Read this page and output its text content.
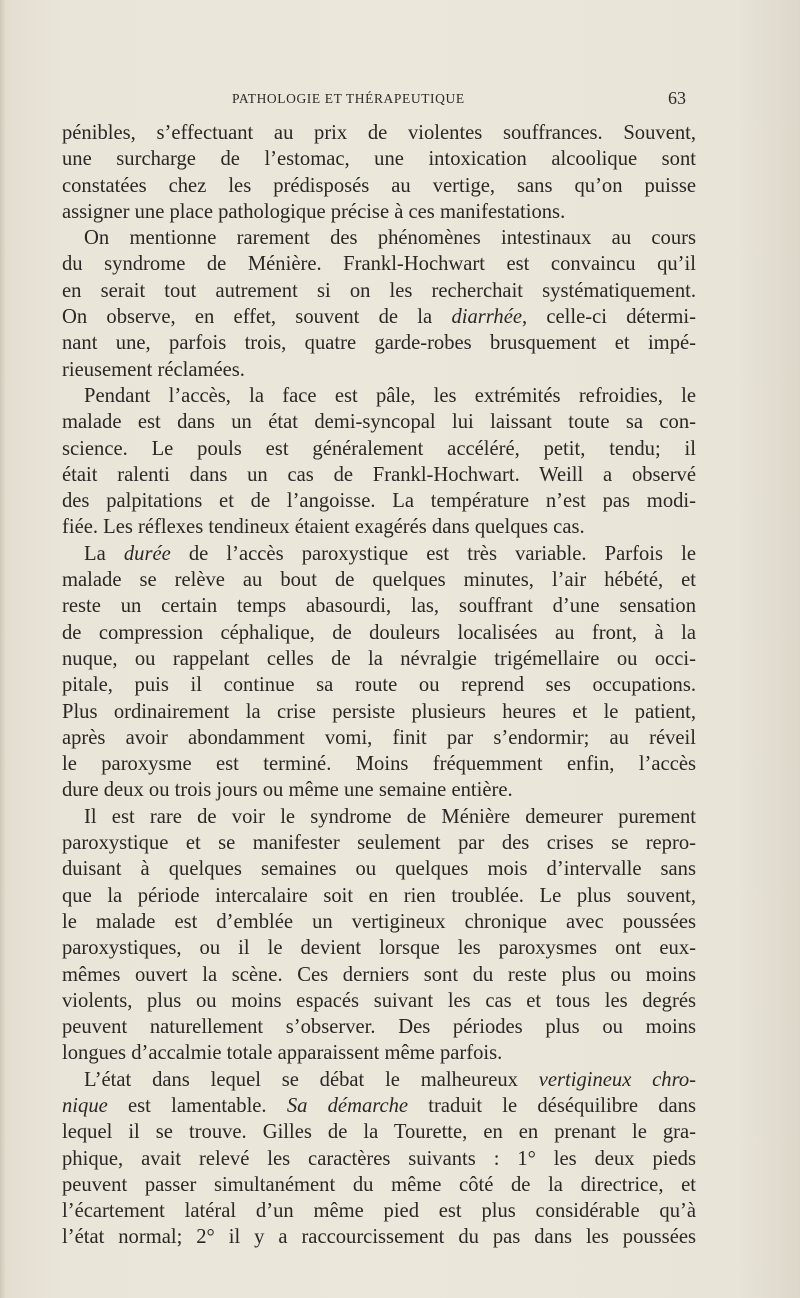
PATHOLOGIE ET THÉRAPEUTIQUE	63
pénibles, s’effectuant au prix de violentes souffrances. Souvent,
une surcharge de l’estomac, une intoxication alcoolique sont
constatées chez les prédisposés au vertige, sans qu’on puisse
assigner une place pathologique précise à ces manifestations.
On mentionne rarement des phénomènes intestinaux au cours
du syndrome de Ménière. Frankl-Hochwart est convaincu qu’il
en serait tout autrement si on les recherchait systématiquement.
On observe, en effet, souvent de la diarrhée, celle-ci détermi-
nant une, parfois trois, quatre garde-robes brusquement et impé-
rieusement réclamées.
Pendant l’accès, la face est pâle, les extrémités refroidies, le
malade est dans un état demi-syncopal lui laissant toute sa con-
science. Le pouls est généralement accéléré, petit, tendu; il
était ralenti dans un cas de Frankl-Hochwart. Weill a observé
des palpitations et de l’angoisse. La température n’est pas modi-
fiée. Les réflexes tendineux étaient exagérés dans quelques cas.
La durée de l’accès paroxystique est très variable. Parfois le
malade se relève au bout de quelques minutes, l’air hébété, et
reste un certain temps abasourdi, las, souffrant d’une sensation
de compression céphalique, de douleurs localisées au front, à la
nuque, ou rappelant celles de la névralgie trigémellaire ou occi-
pitale, puis il continue sa route ou reprend ses occupations.
Plus ordinairement la crise persiste plusieurs heures et le patient,
après avoir abondamment vomi, finit par s’endormir; au réveil
le paroxysme est terminé. Moins fréquemment enfin, l’accès
dure deux ou trois jours ou même une semaine entière.
Il est rare de voir le syndrome de Ménière demeurer purement
paroxystique et se manifester seulement par des crises se repro-
duisant à quelques semaines ou quelques mois d’intervalle sans
que la période intercalaire soit en rien troublée. Le plus souvent,
le malade est d’emblée un vertigineux chronique avec poussées
paroxystiques, ou il le devient lorsque les paroxysmes ont eux-
mêmes ouvert la scène. Ces derniers sont du reste plus ou moins
violents, plus ou moins espacés suivant les cas et tous les degrés
peuvent naturellement s’observer. Des périodes plus ou moins
longues d’accalmie totale apparaissent même parfois.
L’état dans lequel se débat le malheureux vertigineux chro-
nique est lamentable. Sa démarche traduit le déséquilibre dans
lequel il se trouve. Gilles de la Tourette, en en prenant le gra-
phique, avait relevé les caractères suivants : 1° les deux pieds
peuvent passer simultanément du même côté de la directrice, et
l’écartement latéral d’un même pied est plus considérable qu’à
l’état normal; 2° il y a raccourcissement du pas dans les poussées
